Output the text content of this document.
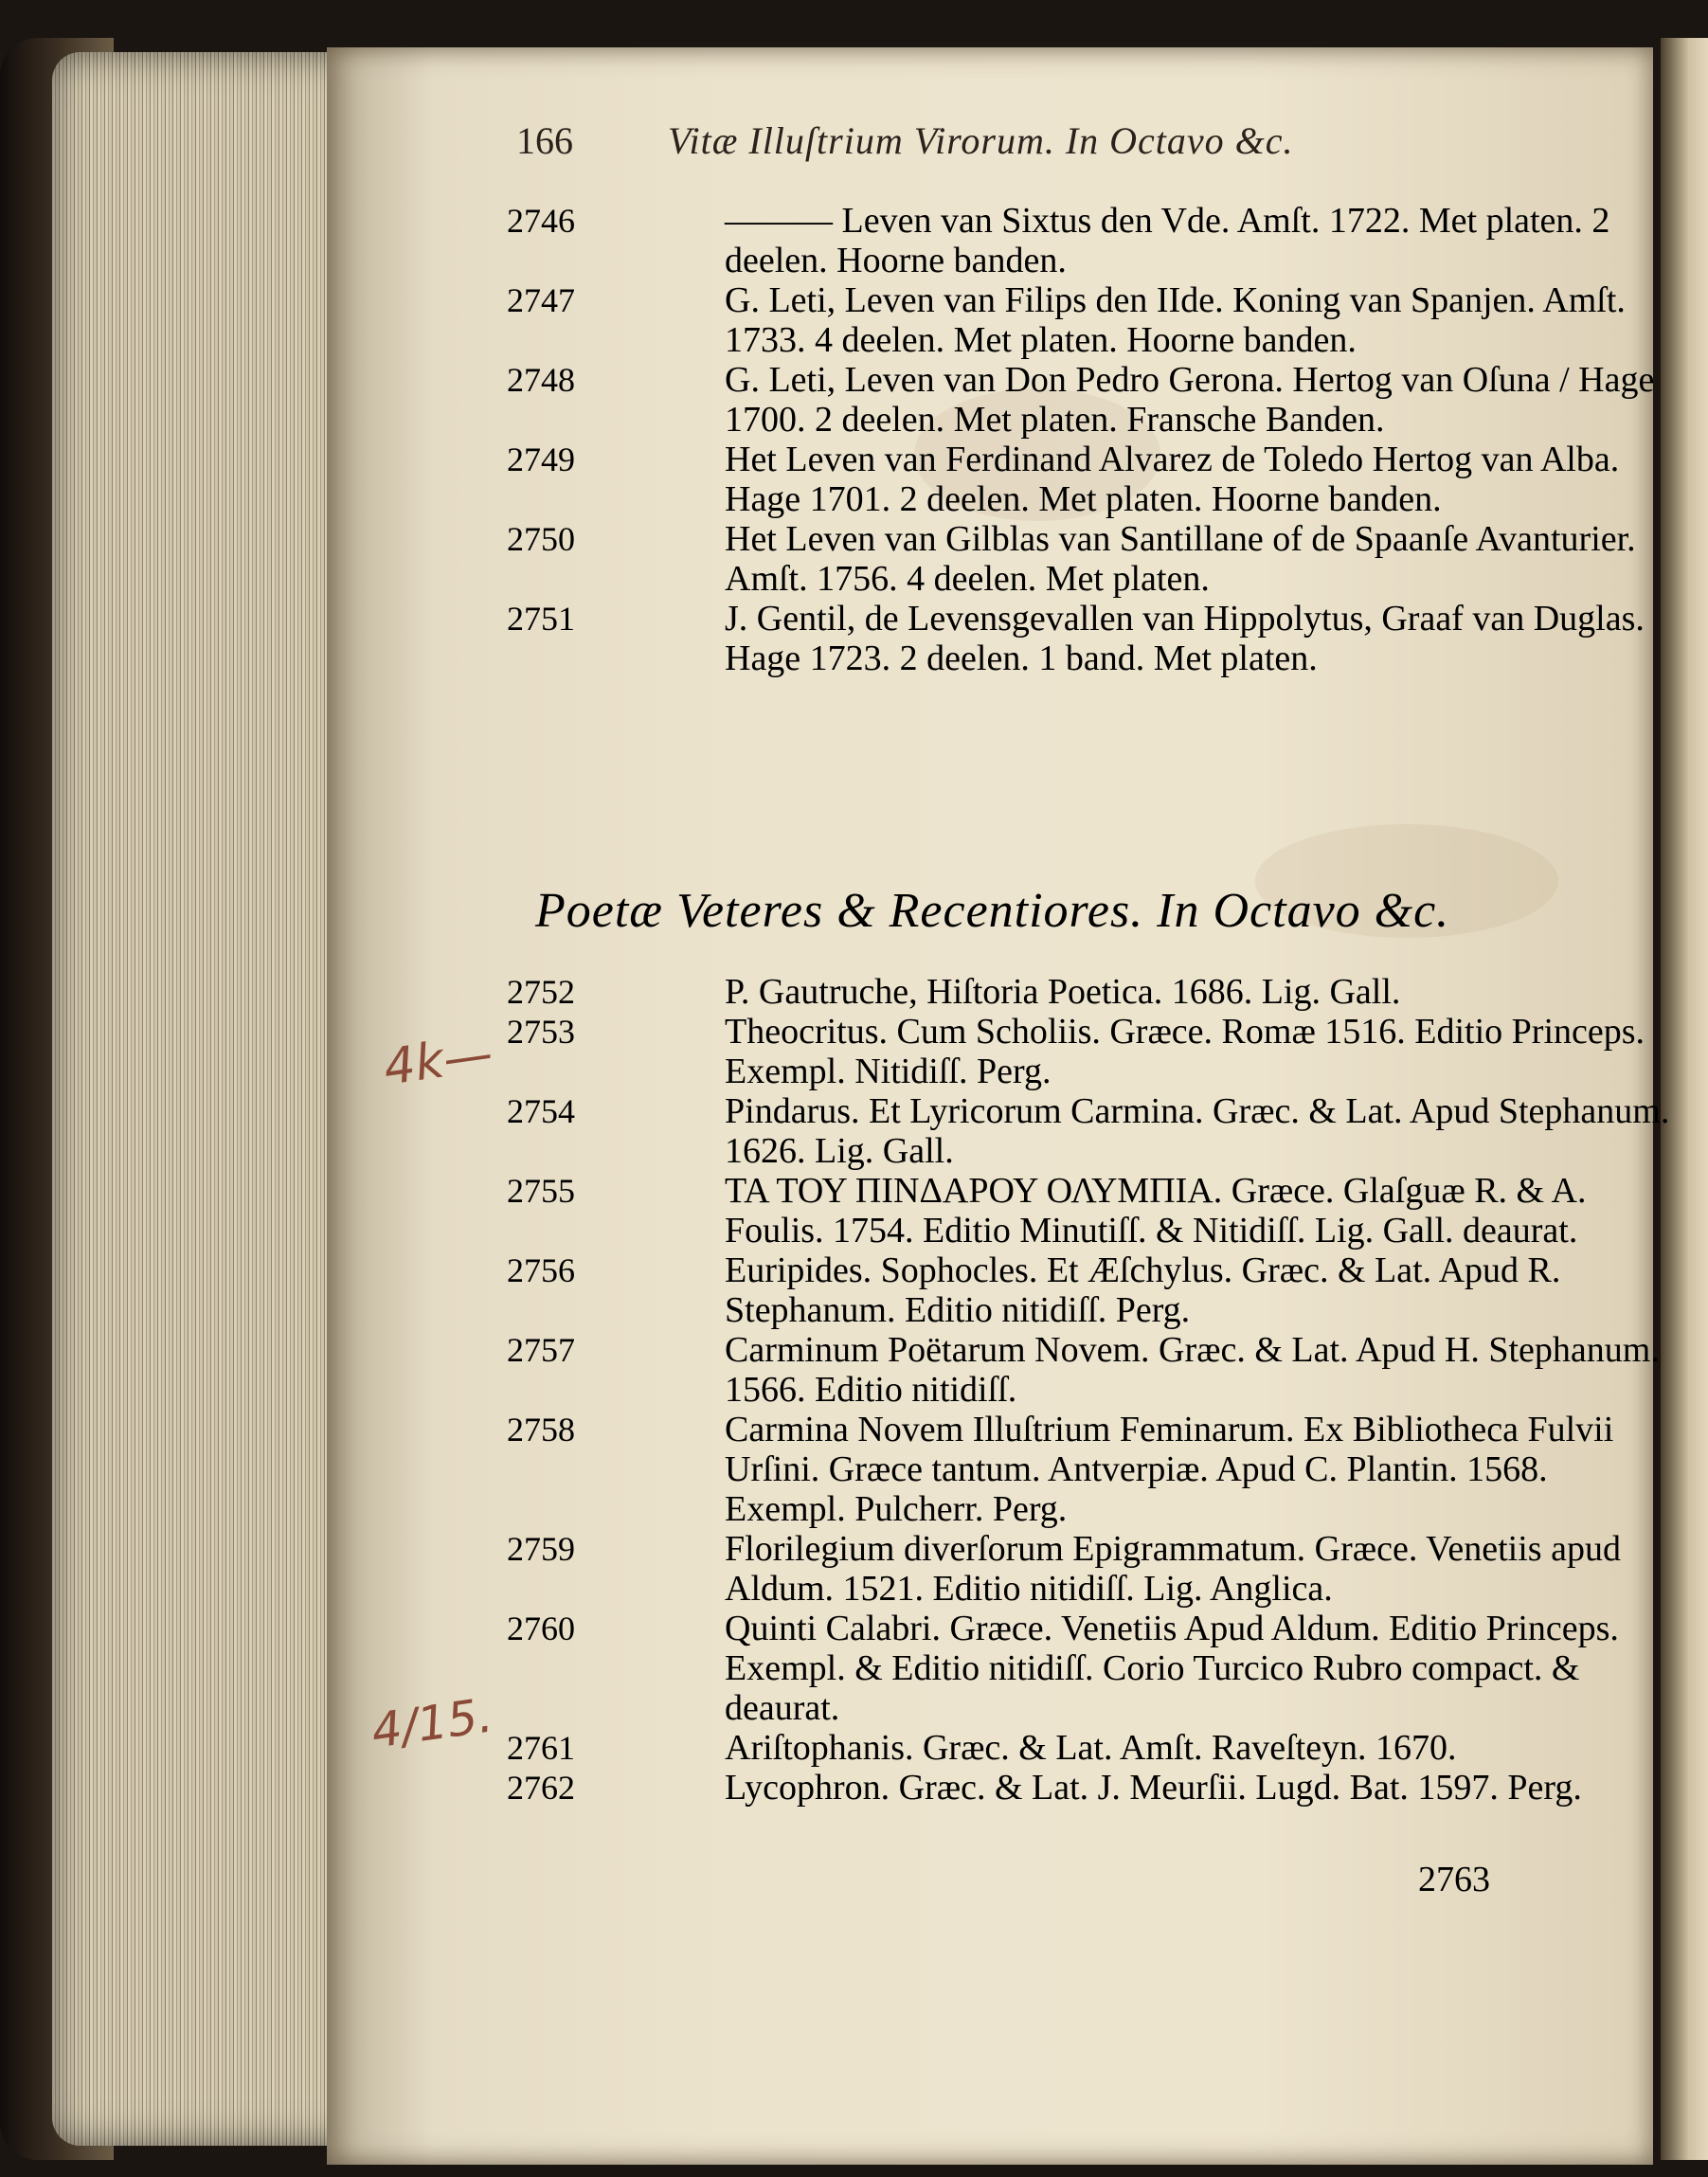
166	Vitæ Illuſtrium Virorum. In Octavo &c.
2746	——— Leven van Sixtus den Vde. Amſt. 1722. Met platen. 2 deelen. Hoorne banden.
2747	G. Leti, Leven van Filips den IIde. Koning van Spanjen. Amſt. 1733. 4 deelen. Met platen. Hoorne banden.
2748	G. Leti, Leven van Don Pedro Gerona. Hertog van Oſuna / Hage 1700. 2 deelen. Met platen. Fransche Banden.
2749	Het Leven van Ferdinand Alvarez de Toledo Hertog van Alba. Hage 1701. 2 deelen. Met platen. Hoorne banden.
2750	Het Leven van Gilblas van Santillane of de Spaanſe Avanturier. Amſt. 1756. 4 deelen. Met platen.
2751	J. Gentil, de Levensgevallen van Hippolytus, Graaf van Duglas. Hage 1723. 2 deelen. 1 band. Met platen.
Poetæ Veteres & Recentiores. In Octavo &c.
2752	P. Gautruche, Hiſtoria Poetica. 1686. Lig. Gall.
2753	Theocritus. Cum Scholiis. Græce. Romæ 1516. Editio Princeps. Exempl. Nitidiſſ. Perg.
2754	Pindarus. Et Lyricorum Carmina. Græc. & Lat. Apud Stephanum. 1626. Lig. Gall.
2755	ΤΑ ΤΟΥ ΠΙΝΔΑΡΟΥ ΟΛΥΜΠΙΑ. Græce. Glaſguæ R. & A. Foulis. 1754. Editio Minutiſſ. & Nitidiſſ. Lig. Gall. deaurat.
2756	Euripides. Sophocles. Et Æſchylus. Græc. & Lat. Apud R. Stephanum. Editio nitidiſſ. Perg.
2757	Carminum Poëtarum Novem. Græc. & Lat. Apud H. Stephanum. 1566. Editio nitidiſſ.
2758	Carmina Novem Illuſtrium Feminarum. Ex Bibliotheca Fulvii Urſini. Græce tantum. Antverpiæ. Apud C. Plantin. 1568. Exempl. Pulcherr. Perg.
2759	Florilegium diverſorum Epigrammatum. Græce. Venetiis apud Aldum. 1521. Editio nitidiſſ. Lig. Anglica.
2760	Quinti Calabri. Græce. Venetiis Apud Aldum. Editio Princeps. Exempl. & Editio nitidiſſ. Corio Turcico Rubro compact. & deaurat.
2761	Ariſtophanis. Græc. & Lat. Amſt. Raveſteyn. 1670.
2762	Lycophron. Græc. & Lat. J. Meurſii. Lugd. Bat. 1597. Perg.
2763
4k—
4/15.
